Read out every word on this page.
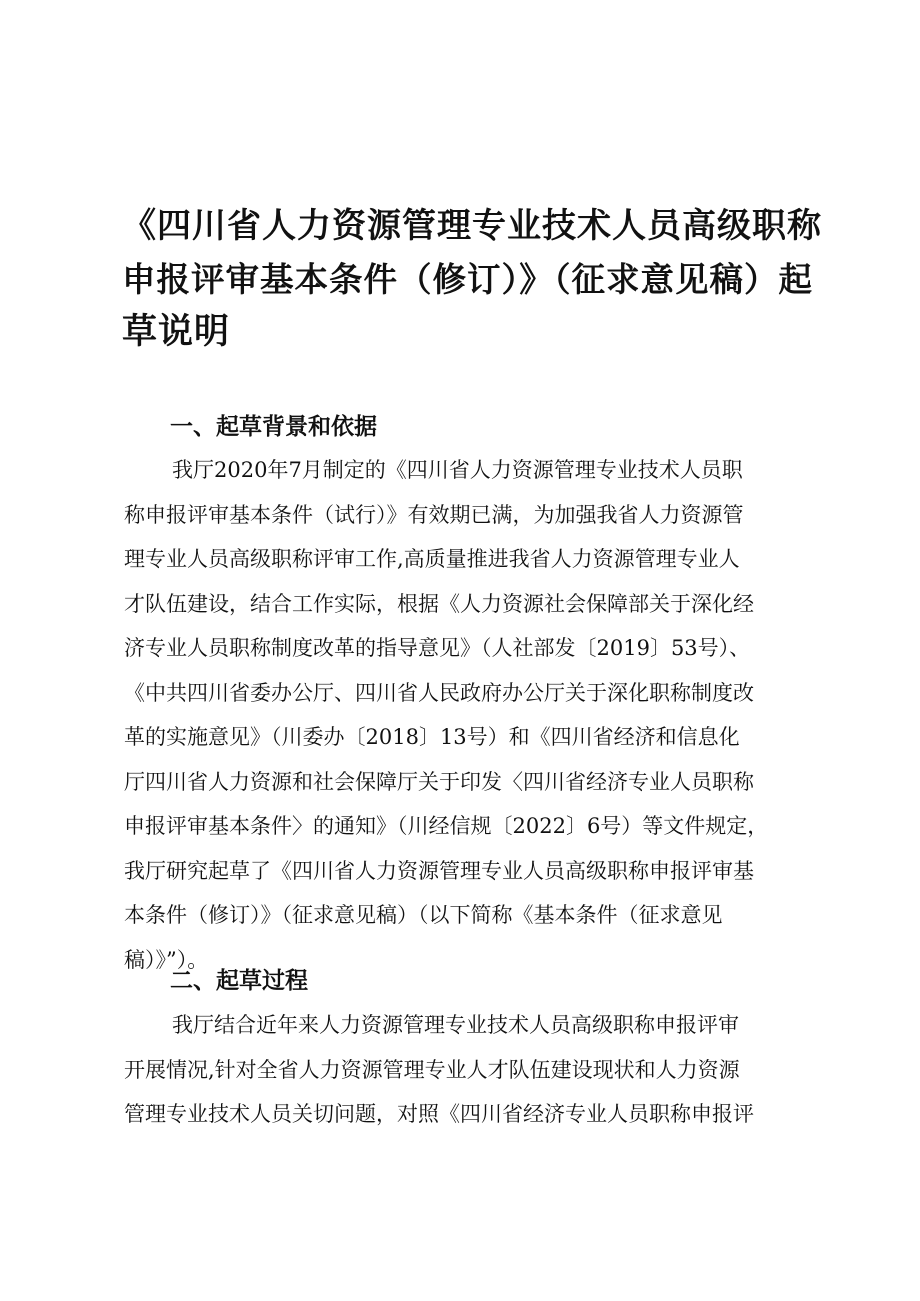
《四川省人力资源管理专业技术人员高级职称
申报评审基本条件（修订）》（征求意见稿）起
草说明
一、起草背景和依据
我厅2020年7月制定的《四川省人力资源管理专业技术人员职
称申报评审基本条件（试行）》有效期已满，为加强我省人力资源管
理专业人员高级职称评审工作,高质量推进我省人力资源管理专业人
才队伍建设，结合工作实际，根据《人力资源社会保障部关于深化经
济专业人员职称制度改革的指导意见》（人社部发〔2019〕53号）、
《中共四川省委办公厅、四川省人民政府办公厅关于深化职称制度改
革的实施意见》（川委办〔2018〕13号）和《四川省经济和信息化
厅四川省人力资源和社会保障厅关于印发〈四川省经济专业人员职称
申报评审基本条件〉的通知》（川经信规〔2022〕6号）等文件规定，
我厅研究起草了《四川省人力资源管理专业人员高级职称申报评审基
本条件（修订）》（征求意见稿）（以下简称《基本条件（征求意见
稿）》”）。
二、起草过程
我厅结合近年来人力资源管理专业技术人员高级职称申报评审
开展情况,针对全省人力资源管理专业人才队伍建设现状和人力资源
管理专业技术人员关切问题，对照《四川省经济专业人员职称申报评
